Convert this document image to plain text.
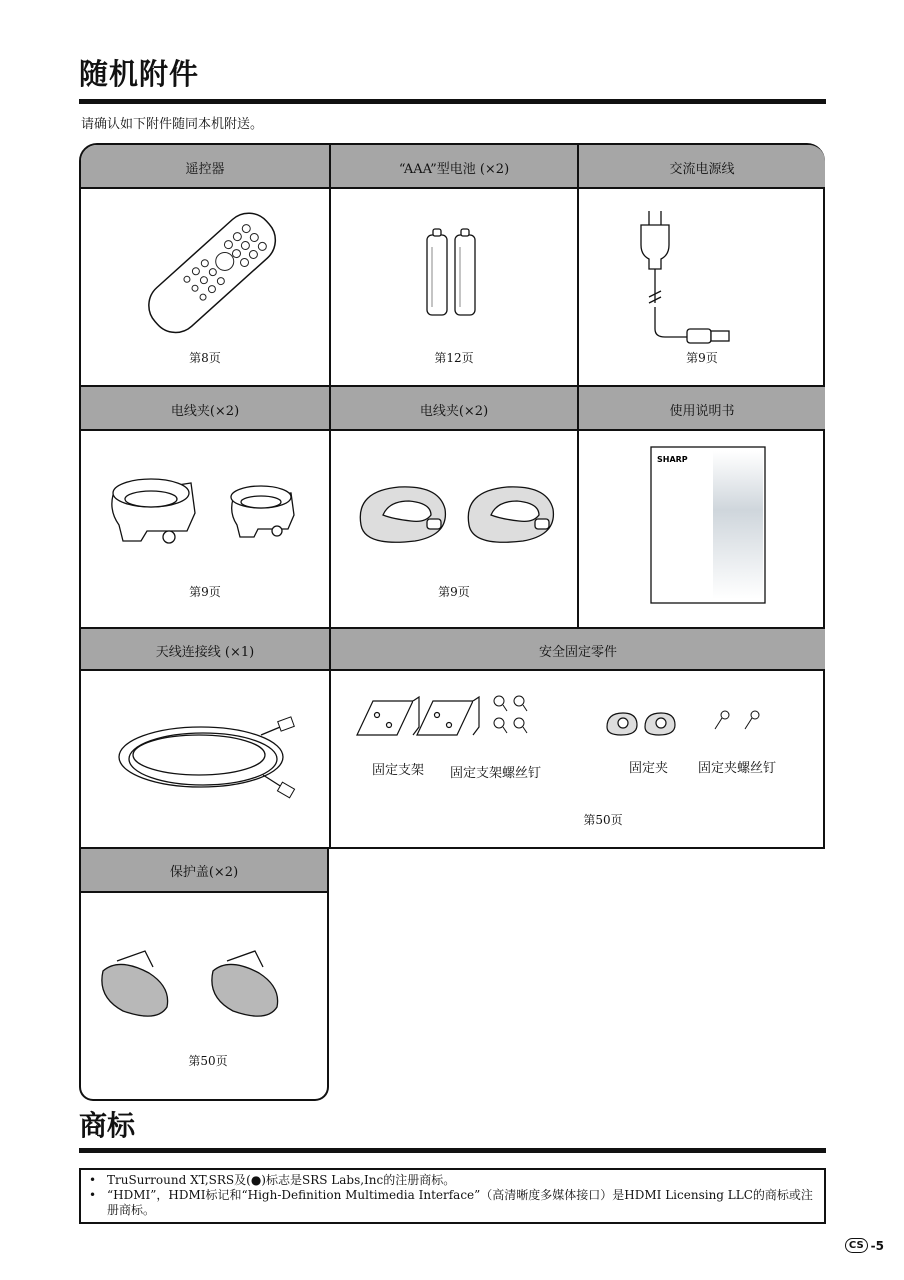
随机附件
请确认如下附件随同本机附送。
遥控器	“AAA”型电池 (×2)	交流电源线
电线夹(×2)	电线夹(×2)	使用说明书
天线连接线 (×1)	安全固定零件
第8页	第12页	第9页
第9页	第9页
第50页
固定支架 固定支架螺丝钉	固定夹 固定夹螺丝钉
SHARP
保护盖(×2)
第50页
商标
• TruSurround XT,SRS及(●)标志是SRS Labs,Inc的注册商标。
• “HDMI”，HDMI标记和“High-Definition Multimedia Interface”（高清晰度多媒体接口）是HDMI Licensing LLC的商标或注册商标。
CS -5
